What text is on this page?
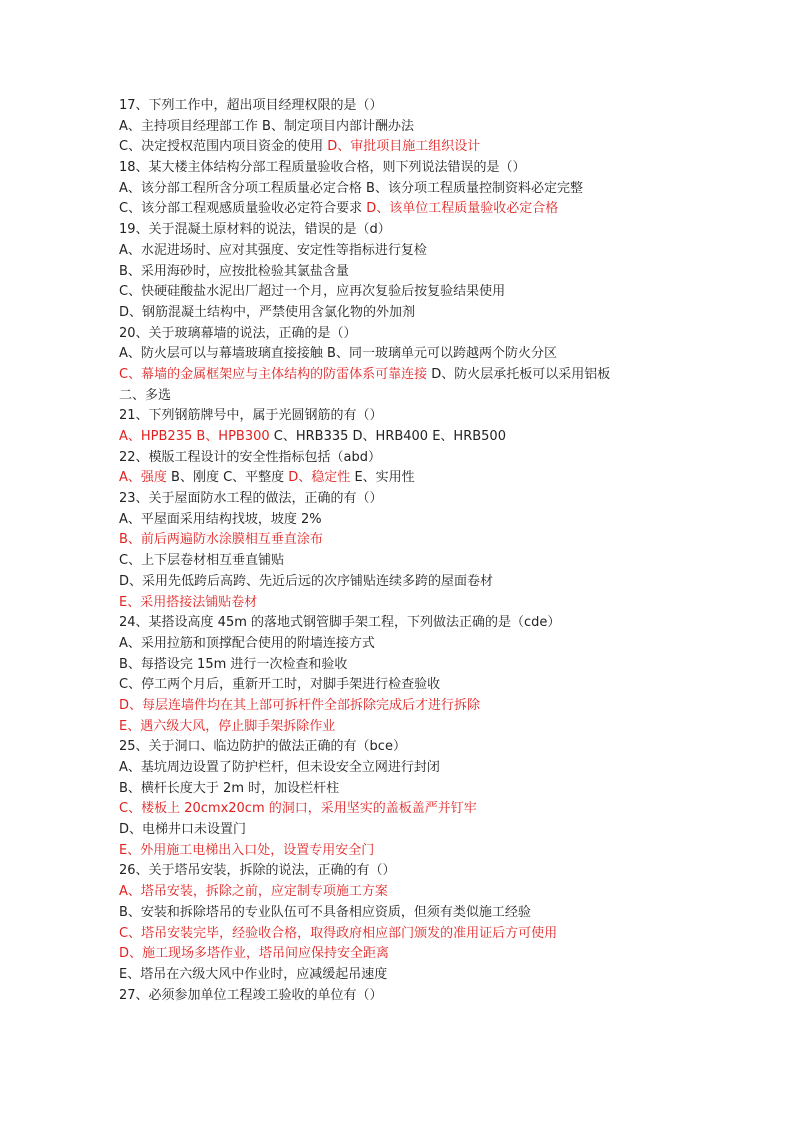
17、下列工作中，超出项目经理权限的是（）
A、主持项目经理部工作 B、制定项目内部计酬办法
C、决定授权范围内项目资金的使用 D、审批项目施工组织设计
18、某大楼主体结构分部工程质量验收合格，则下列说法错误的是（）
A、该分部工程所含分项工程质量必定合格 B、该分项工程质量控制资料必定完整
C、该分部工程观感质量验收必定符合要求 D、该单位工程质量验收必定合格
19、关于混凝土原材料的说法，错误的是（d）
A、水泥进场时、应对其强度、安定性等指标进行复检
B、采用海砂时，应按批检验其氯盐含量
C、快硬硅酸盐水泥出厂超过一个月，应再次复验后按复验结果使用
D、钢筋混凝土结构中，严禁使用含氯化物的外加剂
20、关于玻璃幕墙的说法，正确的是（）
A、防火层可以与幕墙玻璃直接接触 B、同一玻璃单元可以跨越两个防火分区
C、幕墙的金属框架应与主体结构的防雷体系可靠连接 D、防火层承托板可以采用铝板
二、多选
21、下列钢筋牌号中，属于光圆钢筋的有（）
A、HPB235 B、HPB300 C、HRB335 D、HRB400 E、HRB500
22、模版工程设计的安全性指标包括（abd）
A、强度 B、刚度 C、平整度 D、稳定性 E、实用性
23、关于屋面防水工程的做法，正确的有（）
A、平屋面采用结构找坡，坡度 2%
B、前后两遍防水涂膜相互垂直涂布
C、上下层卷材相互垂直铺贴
D、采用先低跨后高跨、先近后远的次序铺贴连续多跨的屋面卷材
E、采用搭接法铺贴卷材
24、某搭设高度 45m 的落地式钢管脚手架工程，下列做法正确的是（cde）
A、采用拉筋和顶撑配合使用的附墙连接方式
B、每搭设完 15m 进行一次检查和验收
C、停工两个月后，重新开工时，对脚手架进行检查验收
D、每层连墙件均在其上部可拆杆件全部拆除完成后才进行拆除
E、遇六级大风，停止脚手架拆除作业
25、关于洞口、临边防护的做法正确的有（bce）
A、基坑周边设置了防护栏杆，但未设安全立网进行封闭
B、横杆长度大于 2m 时，加设栏杆柱
C、楼板上 20cmx20cm 的洞口，采用坚实的盖板盖严并钉牢
D、电梯井口未设置门
E、外用施工电梯出入口处，设置专用安全门
26、关于塔吊安装，拆除的说法，正确的有（）
A、塔吊安装，拆除之前，应定制专项施工方案
B、安装和拆除塔吊的专业队伍可不具备相应资质，但须有类似施工经验
C、塔吊安装完毕，经验收合格，取得政府相应部门颁发的准用证后方可使用
D、施工现场多塔作业，塔吊间应保持安全距离
E、塔吊在六级大风中作业时，应减缓起吊速度
27、必须参加单位工程竣工验收的单位有（）
